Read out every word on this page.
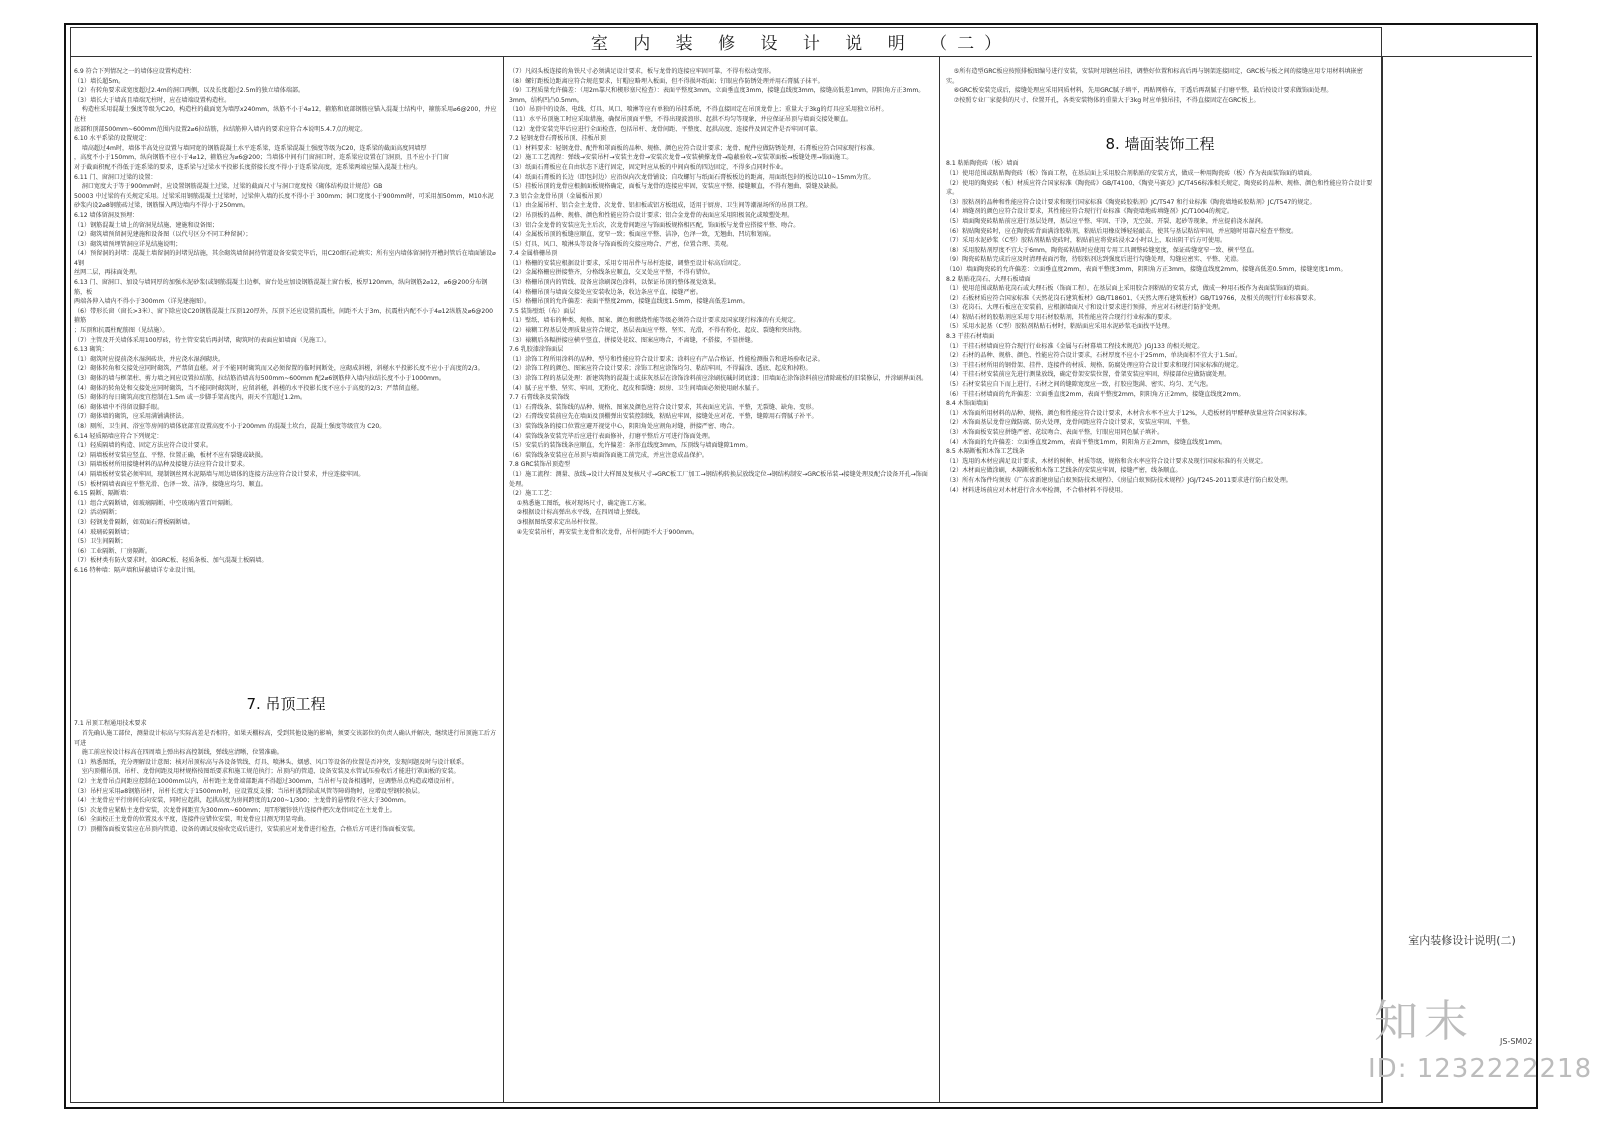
室 内 装 修 设 计 说 明 （二）

6.9 符合下列情况之一的墙体应设置构造柱：

（1）墙长超5m。

（2）有转角要求或宽度超过2.4m的洞口两侧，以及长度超过2.5m的独立墙体端部。

（3）墙长大于墙高且墙端无柱时，应在墙端设置构造柱。

构造柱采用混凝土强度等级为C20，构造柱的截面宽为墙厚x240mm，纵筋不小于4⌀12，箍筋和底部钢筋应锚入混凝土结构中，箍筋采用⌀6@200，并应在柱

底部和顶部500mm~600mm范围内设置2⌀6拉结筋，拉结筋伸入墙内的要求应符合本说明5.4.7点的规定。

6.10 水平系梁的设置规定：

墙高超过4m时，墙体半高处应设置与墙同宽的钢筋混凝土水平连系梁，连系梁混凝土强度等级为C20，连系梁的截面高度同墙厚

，高度不小于150mm，纵向钢筋不应小于4⌀12，箍筋应为⌀6@200；当墙体中间有门窗洞口时，连系梁应设置在门洞顶，且不应小于门窗

对于截面积配不得低于连系梁的要求，连系梁与过梁水平投影长度搭接长度不得小于连系梁高度，连系梁两端应锚入混凝土柱内。

6.11 门、窗洞口过梁的设置：

洞口宽度大于等于900mm时，应设置钢筋混凝土过梁，过梁的截面尺寸与洞口宽度按《砌体结构设计规范》GB

50003 中过梁的有关规定采用。过梁采用钢筋混凝土过梁时，过梁伸入墙的长度不得小于 300mm；洞口宽度小于900mm时，可采用加50mm，M10水泥

砂浆内设2⌀8钢筋砖过梁，钢筋锚入两边墙内不得小于250mm。

6.12 墙体留洞及预埋：

（1）钢筋混凝土墙上的留洞见结施、建施和设备图；

（2）砌筑墙预留洞见建施和设备图（以代号区分不同工种留洞）；

（3）砌筑墙预埋管洞应详见结施说明；

（4）预留洞的封堵：混凝土墙留洞的封堵见结施，其余砌筑墙留洞待管道设备安装完毕后，用C20细石砼填实；所有室内墙体留洞待开槽封管后在墙面铺设⌀4钢

丝网二层，再抹面处理。

6.13 门、窗洞口、加设与墙同厚的加强水泥砂浆(或钢筋混凝土)边框，窗台处应加设钢筋混凝土窗台板，板厚120mm，纵向钢筋2⌀12，⌀6@200分布钢筋，板

两端各伸入墙内不得小于300mm（详见建施图）。

（6）带形长窗（窗长>3米）、窗下除应设C20钢筋混凝土压顶120厚外，压顶下还应设置抗震柱，间距不大于3m，抗震柱内配不小于4⌀12纵筋及⌀6@200箍筋

；压顶和抗震柱配筋图（见结施）。

（7）主管及开关墙体采用100厚砖，待主管安装后再封堵，砌筑时的表面应如墙面（见施工）。

6.13 砌筑：

（1）砌筑时应提前浇水湿润砖块，并应浇水湿润砌块。

（2）砌体转角和交接处应同时砌筑，严禁留直槎。对于不能同时砌筑而又必须留置的临时间断处，应砌成斜槎，斜槎水平投影长度不应小于高度的2/3。

（3）砌体的墙与框架柱、剪力墙之间应设置拉结筋，拉结筋沿墙高每500mm~600mm 配2⌀6钢筋伸入墙内拉结长度不小于1000mm。

（4）砌体的转角处和交接处应同时砌筑，当不能同时砌筑时，应留斜槎，斜槎的水平投影长度不应小于高度的2/3；严禁留直槎。

（5）砌体的每日砌筑高度宜控制在1.5m 或一步脚手架高度内，雨天不宜超过1.2m。

（6）砌体墙中不得留设脚手眼。

（7）砌体墙的砌筑，应采用满铺满挤法。

（8）厕所、卫生间、浴室等房间的墙体底部宜设置高度不小于200mm 的混凝土坎台，混凝土强度等级宜为 C20。

6.14 轻质隔墙应符合下列规定：

（1）轻质隔墙的构造、固定方法应符合设计要求。

（2）隔墙板材安装应竖直、平整、位置正确，板材不应有裂缝或缺损。

（3）隔墙板材所用接缝材料的品种及接缝方法应符合设计要求。

（4）隔墙板材安装必须牢固，现制钢丝网水泥隔墙与周边墙体的连接方法应符合设计要求，并应连接牢固。

（5）板材隔墙表面应平整光滑、色泽一致、洁净，接缝应均匀、顺直。

6.15 隔断、隔断墙：

（1）组合式隔断墙，如玻璃隔断、中空玻璃内置百叶隔断。

（2）活动隔断；

（3）轻钢龙骨隔断，如双面石膏板隔断墙。

（4）玻璃砖隔断墙；

（5）卫生间隔断；

（6）工业隔断、厂房隔断。

（7）板材类有防火要求时，如GRC板、轻质条板、加气混凝土板隔墙。

6.16 特种墙：隔声墙和屏蔽墙详专业设计图。

7. 吊顶工程

7.1 吊顶工程通用技术要求

首先确认施工部位，测量设计标高与实际高差是否相符，如果天棚标高，受到其他设施的影响，须要交该部位的负责人确认并解决，继续进行吊顶施工后方可进

施工前应按设计标高在四周墙上弹出标高控制线，弹线应清晰，位置准确。

（1）熟悉图纸，充分理解设计意图；核对吊顶标高与各设备管线、灯具、喷淋头、烟感、风口等设备的位置是否冲突，发现问题及时与设计联系。

室内顶棚吊顶、吊杆、龙骨间距及用材规格按图纸要求和施工规范执行；吊顶内的管道、设备安装及水管试压验收后才能进行罩面板的安装。

（2）主龙骨吊点间距应控制在1000mm以内，吊杆距主龙骨端部距离不得超过300mm，当吊杆与设备相遇时，应调整吊点构造或增设吊杆。

（3）吊杆应采用⌀8钢筋吊杆，吊杆长度大于1500mm时，应设置反支撑；当吊杆遇到梁或风管等障碍物时，应增设型钢转换层。

（4）主龙骨应平行房间长向安装，同时应起拱，起拱高度为房间跨度的1/200~1/300；主龙骨的悬臂段不应大于300mm。

（5）次龙骨应紧贴主龙骨安装，次龙骨间距宜为300mm~600mm；用T形镀锌铁片连接件把次龙骨固定在主龙骨上。

（6）全面校正主龙骨的位置及水平度，连接件应错位安装，明龙骨应目测无明显弯曲。

（7）顶棚饰面板安装应在吊顶内管道、设备的调试及验收完成后进行，安装前应对龙骨进行检查，合格后方可进行饰面板安装。

（7）凡闷头板连接的角铁尺寸必须满足设计要求，板与龙骨的连接应牢固可靠，不得有松动变形。

（8）螺钉距板边距离应符合规范要求，钉帽应略埋入板面，但不得损坏纸面；钉眼应作防锈处理并用石膏腻子抹平。

（9）工程质量允许偏差：（用2m靠尺和楔形塞尺检查）：表面平整度3mm，立面垂直度3mm，接缝直线度3mm，接缝高低差1mm，阴阳角方正3mm。

3mm，结构凹凸0.5mm。

（10）吊顶中的设备、电线、灯具、风口、喷淋等应有单独的吊挂系统，不得直接固定在吊顶龙骨上；重量大于3kg的灯具应采用独立吊杆。

（11）水平吊顶施工时应采取措施，确保吊顶面平整，不得出现波浪形、起拱不均匀等现象，并应保证吊顶与墙面交接处顺直。

（12）龙骨安装完毕后应进行全面检查，包括吊杆、龙骨间距、平整度、起拱高度、连接件及固定件是否牢固可靠。

7.2 轻钢龙骨石膏板吊顶、挂板吊顶

（1）材料要求：轻钢龙骨、配件和罩面板的品种、规格、颜色应符合设计要求；龙骨、配件应做防锈处理，石膏板应符合国家现行标准。

（2）施工工艺流程：弹线→安装吊杆→安装主龙骨→安装次龙骨→安装横撑龙骨→隐蔽验收→安装罩面板→板缝处理→饰面施工。

（3）纸面石膏板应在自由状态下进行固定，固定时应从板的中间向板的四边固定，不得多点同时作业。

（4）纸面石膏板的长边（即包封边）应沿纵向次龙骨铺设；自攻螺钉与纸面石膏板板边的距离，用面纸包封的板边以10~15mm为宜。

（5）挂板吊顶的龙骨应根据面板规格确定，面板与龙骨的连接应牢固，安装应平整、接缝顺直，不得有翘曲、裂缝及缺损。

7.3 铝合金龙骨吊顶（金属板吊顶）

（1）由金属吊杆、铝合金主龙骨、次龙骨、铝扣板或铝方板组成，适用于厨房、卫生间等潮湿场所的吊顶工程。

（2）吊顶板的品种、规格、颜色和性能应符合设计要求；铝合金龙骨的表面应采用阳极氧化或喷塑处理。

（3）铝合金龙骨的安装应先主后次，次龙骨间距应与饰面板规格相匹配，饰面板与龙骨应搭接平整、吻合。

（4）金属板吊顶的板缝应顺直，宽窄一致；板面应平整、洁净，色泽一致，无翘曲、凹坑和划痕。

（5）灯具、风口、喷淋头等设备与饰面板的交接应吻合、严密，位置合理、美观。

7.4 金属格栅吊顶

（1）格栅的安装应根据设计要求，采用专用吊件与吊杆连接，调整至设计标高后固定。

（2）金属格栅应拼接整齐，分格线条应顺直，交叉处应平整，不得有错位。

（3）格栅吊顶内的管线、设备应涂刷深色涂料，以保证吊顶的整体视觉效果。

（4）格栅吊顶与墙面交接处应安装收边条，收边条应平直、接缝严密。

（5）格栅吊顶的允许偏差：表面平整度2mm，接缝直线度1.5mm，接缝高低差1mm。

7.5 装饰壁纸（布）面层

（1）壁纸、墙布的种类、规格、图案、颜色和燃烧性能等级必须符合设计要求及国家现行标准的有关规定。

（2）裱糊工程基层处理质量应符合规定，基层表面应平整、坚实、光滑，不得有粉化、起皮、裂缝和突出物。

（3）裱糊后各幅拼接应横平竖直，拼接处花纹、图案应吻合，不离缝，不搭接，不显拼缝。

7.6 乳胶漆涂饰面层

（1）涂饰工程所用涂料的品种、型号和性能应符合设计要求；涂料应有产品合格证、性能检测报告和进场验收记录。

（2）涂饰工程的颜色、图案应符合设计要求；涂饰工程应涂饰均匀、粘结牢固，不得漏涂、透底、起皮和掉粉。

（3）涂饰工程的基层处理：新建筑物的混凝土或抹灰基层在涂饰涂料前应涂刷抗碱封闭底漆；旧墙面在涂饰涂料前应清除疏松的旧装修层，并涂刷界面剂。

（4）腻子应平整、坚实、牢固，无粉化、起皮和裂缝；厨房、卫生间墙面必须使用耐水腻子。

7.7 石膏线条及装饰线

（1）石膏线条、装饰线的品种、规格、图案及颜色应符合设计要求，其表面应光洁、平整，无裂缝、缺角、变形。

（2）石膏线安装前应先在墙面及顶棚弹出安装控制线，粘贴应牢固，接缝处应对花、平整，缝隙用石膏腻子补平。

（3）装饰线条的接口位置应避开视觉中心，阴阳角处应割角对缝，拼接严密、吻合。

（4）装饰线条安装完毕后应进行表面修补，打磨平整后方可进行饰面处理。

（5）安装后的装饰线条应顺直，允许偏差：条形直线度3mm，压顶线与墙面缝隙1mm。

（6）装饰线条安装应在吊顶与墙面饰面施工前完成，并应注意成品保护。

7.8 GRC装饰吊顶造型

（1）施工流程：测量、放线→设计大样图及复核尺寸→GRC板工厂加工→钢结构转换层放线定位→钢结构制安→GRC板吊装→接缝处理及配合设备开孔→饰面处理。

（2）施工工艺：

①熟悉施工图纸，核对现场尺寸，确定施工方案。

②根据设计标高弹出水平线，在四周墙上弹线。

③根据图纸要求定出吊杆位置。

④先安装吊杆，再安装主龙骨和次龙骨，吊杆间距不大于900mm。

⑤所有造型GRC板应按照排板图编号进行安装，安装时用钢丝吊挂，调整好位置和标高后再与钢架连接固定，GRC板与板之间的接缝应用专用材料填嵌密实。

⑥GRC板安装完成后，接缝处理应采用同质材料，先用GRC腻子填平，再贴网格布，干透后再刮腻子打磨平整，最后按设计要求做饰面处理。

⑦按照专业厂家提供的尺寸、位置开孔，各类安装物体的重量大于3kg 时应单独吊挂，不得直接固定在GRC板上。

8. 墙面装饰工程

8.1 粘贴陶瓷砖（板）墙面

（1）使用范围或粘贴陶瓷砖（板）饰面工程，在基层面上采用胶合剂粘贴的安装方式，做成一种用陶瓷砖（板）作为表面装饰面的墙面。

（2）使用的陶瓷砖（板）材质应符合国家标准《陶瓷砖》GB/T4100、《陶瓷马赛克》JC/T456标准相关规定，陶瓷砖的品种、规格、颜色和性能应符合设计要求。

（3）胶粘剂的品种和性能应符合设计要求和现行国家标准《陶瓷砖胶粘剂》JC/T547 和行业标准《陶瓷墙地砖胶粘剂》JC/T547的规定。

（4）填缝剂的颜色应符合设计要求，其性能应符合现行行业标准《陶瓷墙地砖填缝剂》JC/T1004的规定。

（5）墙面陶瓷砖粘贴前应进行基层处理，基层应平整、牢固、干净，无空鼓、开裂、起砂等现象，并应提前浇水湿润。

（6）粘贴陶瓷砖时，应在陶瓷砖背面满涂胶粘剂，粘贴后用橡皮锤轻轻敲击，使其与基层粘结牢固，并应随时用靠尺检查平整度。

（7）采用水泥砂浆（C型）胶粘剂粘贴瓷砖时，粘贴前应将瓷砖浸水2小时以上，取出阴干后方可使用。

（8）采用胶粘剂厚度不宜大于6mm，陶瓷砖粘贴时应使用专用工具调整砖缝宽度，保证砖缝宽窄一致、横平竖直。

（9）陶瓷砖粘贴完成后应及时清理表面污物，待胶粘剂达到强度后进行勾缝处理，勾缝应密实、平整、光滑。

（10）墙面陶瓷砖的允许偏差：立面垂直度2mm，表面平整度3mm，阴阳角方正3mm，接缝直线度2mm，接缝高低差0.5mm，接缝宽度1mm。

8.2 粘贴花岗石、大理石板墙面

（1）使用范围或粘贴花岗石或大理石板（饰面工程），在基层面上采用胶合剂粘贴的安装方式，做成一种用石板作为表面装饰面的墙面。

（2）石板材质应符合国家标准《天然花岗石建筑板材》GB/T18601、《天然大理石建筑板材》GB/T19766，及相关的现行行业标准要求。

（3）花岗石、大理石板应在安装前，应根据墙面尺寸和设计要求进行预排，并应对石材进行防护处理。

（4）粘贴石材的胶粘剂应采用专用石材胶粘剂，其性能应符合现行行业标准的要求。

（5）采用水泥基（C型）胶粘剂粘贴石材时，粘贴面应采用水泥砂浆毛面找平处理。

8.3 干挂石材墙面

（1）干挂石材墙面应符合现行行业标准《金属与石材幕墙工程技术规范》JGJ133 的相关规定。

（2）石材的品种、规格、颜色、性能应符合设计要求，石材厚度不应小于25mm，单块面积不宜大于1.5㎡。

（3）干挂石材所用的钢骨架、挂件、连接件的材质、规格、防腐处理应符合设计要求和现行国家标准的规定。

（4）干挂石材安装前应先进行测量放线，确定骨架安装位置，骨架安装应牢固，焊接部位应做防腐处理。

（5）石材安装应自下而上进行，石材之间的缝隙宽度应一致，打胶应饱满、密实、均匀、无气泡。

（6）干挂石材墙面的允许偏差：立面垂直度2mm，表面平整度2mm，阴阳角方正2mm，接缝直线度2mm。

8.4 木饰面墙面

（1）木饰面所用材料的品种、规格、颜色和性能应符合设计要求，木材含水率不应大于12%，人造板材的甲醛释放量应符合国家标准。

（2）木饰面基层龙骨应做防腐、防火处理，龙骨间距应符合设计要求，安装应牢固、平整。

（3）木饰面板安装应拼缝严密、花纹吻合、表面平整，钉眼应用同色腻子填补。

（4）木饰面的允许偏差：立面垂直度2mm，表面平整度1mm，阴阳角方正2mm，接缝直线度1mm。

8.5 木隔断板和木饰工艺线条

（1）选用的木材应满足设计要求，木材的树种、材质等级、规格和含水率应符合设计要求及现行国家标准的有关规定。

（2）木材面应做涂刷，木隔断板和木饰工艺线条的安装应牢固，接缝严密，线条顺直。

（3）所有木饰件均须按《广东省新建房屋白蚁预防技术规程》、《房屋白蚁预防技术规程》JGJ/T245-2011要求进行防白蚁处理。

（4）材料进场前应对木材进行含水率检测，不合格材料不得使用。

室内装修设计说明(二)
JS-SM02
知末
ID: 1232222218
